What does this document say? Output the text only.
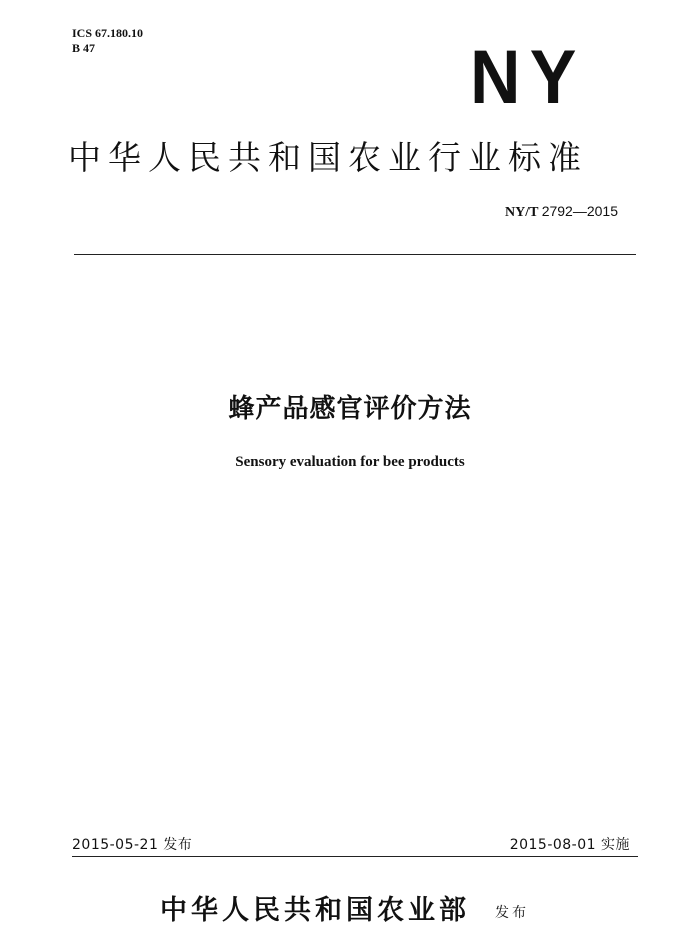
ICS 67.180.10
B 47	NY
中华人民共和国农业行业标准
NY/T 2792—2015
蜂产品感官评价方法
Sensory evaluation for bee products
2015-05-21 发布	2015-08-01 实施
中华人民共和国农业部 发布
